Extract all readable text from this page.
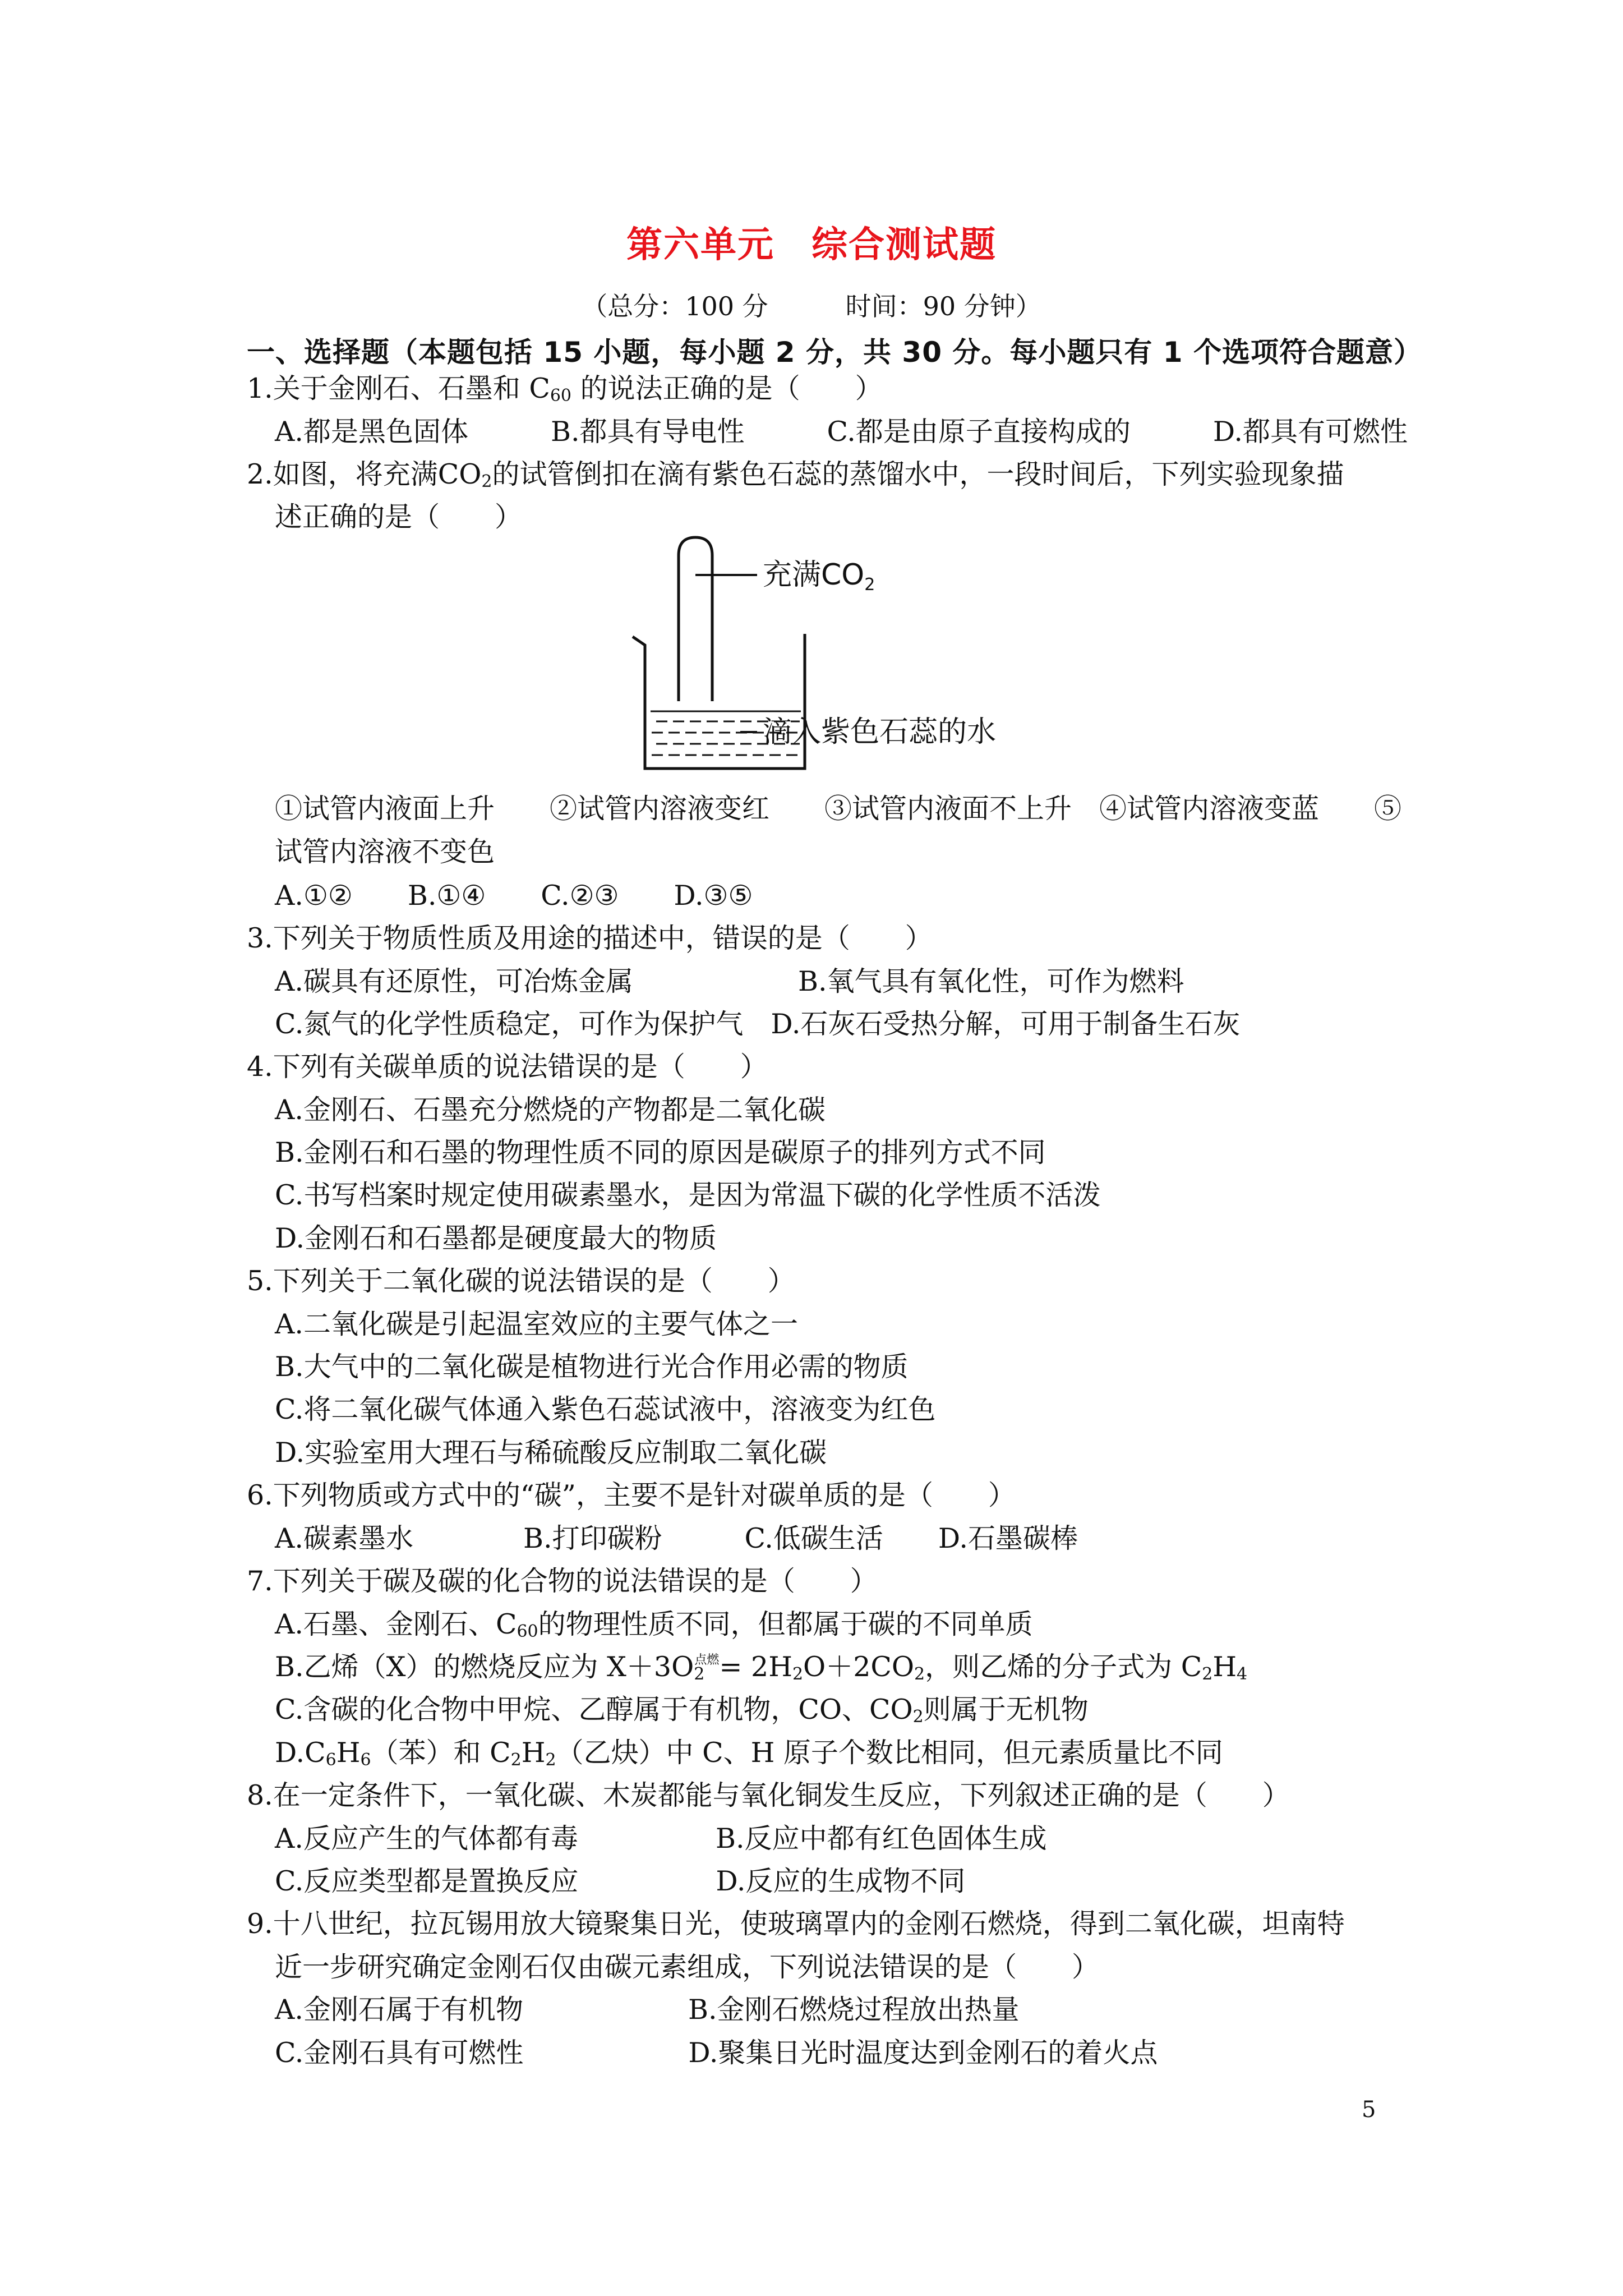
第六单元　综合测试题
（总分：100 分　　　时间：90 分钟）
一、选择题（本题包括 15 小题，每小题 2 分，共 30 分。每小题只有 1 个选项符合题意）
1.关于金刚石、石墨和 $C_{60}$ 的说法正确的是（　　）
A.都是黑色固体　　　B.都具有导电性　　　C.都是由原子直接构成的　　　D.都具有可燃性
2.如图，将充满$CO_2$的试管倒扣在滴有紫色石蕊的蒸馏水中，一段时间后，下列实验现象描
述正确的是（　　）
充满CO2
滴入紫色石蕊的水
①试管内液面上升　　②试管内溶液变红　　③试管内液面不上升　④试管内溶液变蓝　　⑤
试管内溶液不变色
A.①②　　B.①④　　C.②③　　D.③⑤
3.下列关于物质性质及用途的描述中，错误的是（　　）
A.碳具有还原性，可冶炼金属　　　　　　B.氧气具有氧化性，可作为燃料
C.氮气的化学性质稳定，可作为保护气　D.石灰石受热分解，可用于制备生石灰
4.下列有关碳单质的说法错误的是（　　）
A.金刚石、石墨充分燃烧的产物都是二氧化碳
B.金刚石和石墨的物理性质不同的原因是碳原子的排列方式不同
C.书写档案时规定使用碳素墨水，是因为常温下碳的化学性质不活泼
D.金刚石和石墨都是硬度最大的物质
5.下列关于二氧化碳的说法错误的是（　　）
A.二氧化碳是引起温室效应的主要气体之一
B.大气中的二氧化碳是植物进行光合作用必需的物质
C.将二氧化碳气体通入紫色石蕊试液中，溶液变为红色
D.实验室用大理石与稀硫酸反应制取二氧化碳
6.下列物质或方式中的“碳”，主要不是针对碳单质的是（　　）
A.碳素墨水　　　　B.打印碳粉　　　C.低碳生活　　D.石墨碳棒
7.下列关于碳及碳的化合物的说法错误的是（　　）
A.石墨、金刚石、$C_{60}$的物理性质不同，但都属于碳的不同单质
B.乙烯（X）的燃烧反应为 $X+3O_2^{点燃}= 2H_2O+2CO_2$，则乙烯的分子式为 $C_2H_4$
C.含碳的化合物中甲烷、乙醇属于有机物，CO、$CO_2$则属于无机物
$D.C_6H_6$（苯）和 $C_2H_2$（乙炔）中 C、H 原子个数比相同，但元素质量比不同
8.在一定条件下，一氧化碳、木炭都能与氧化铜发生反应，下列叙述正确的是（　　）
A.反应产生的气体都有毒　　　　　B.反应中都有红色固体生成
C.反应类型都是置换反应　　　　　D.反应的生成物不同
9.十八世纪，拉瓦锡用放大镜聚集日光，使玻璃罩内的金刚石燃烧，得到二氧化碳，坦南特
近一步研究确定金刚石仅由碳元素组成，下列说法错误的是（　　）
A.金刚石属于有机物　　　　　　B.金刚石燃烧过程放出热量
C.金刚石具有可燃性　　　　　　D.聚集日光时温度达到金刚石的着火点
5
